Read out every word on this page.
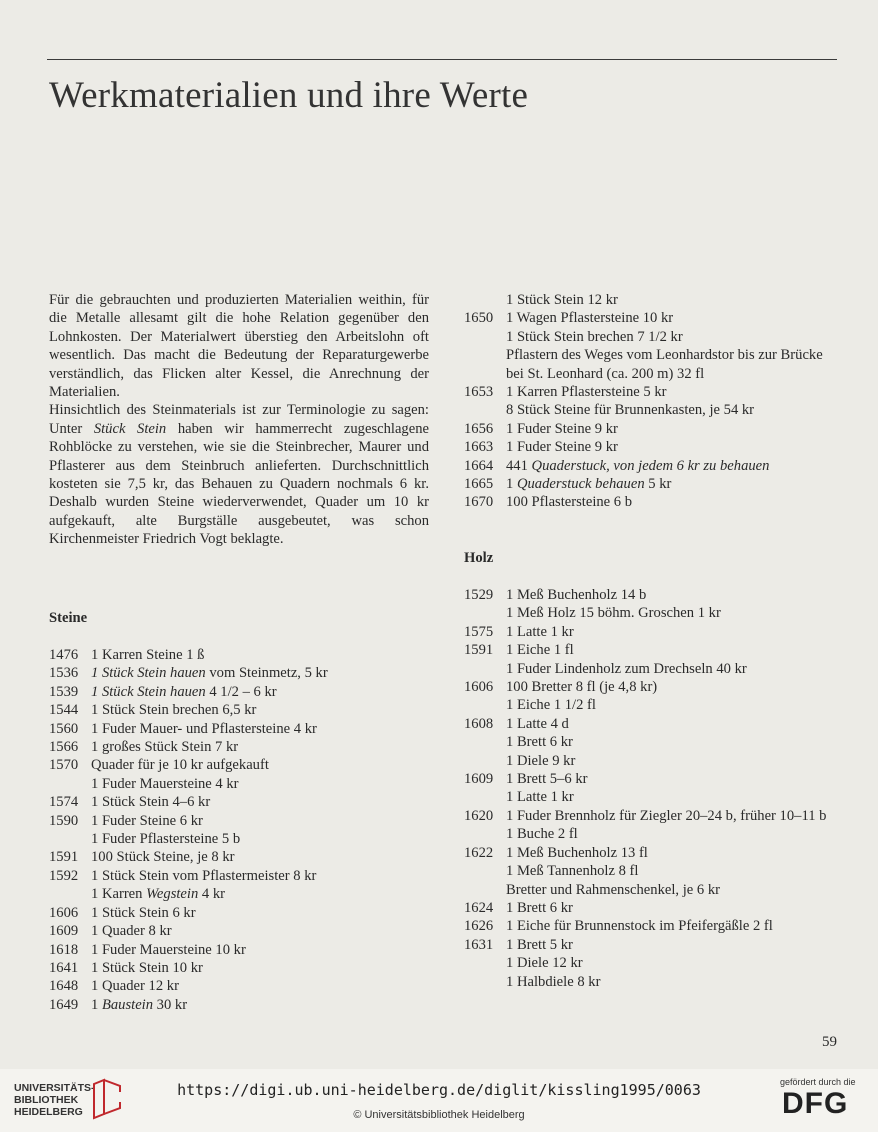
Werkmaterialien und ihre Werte

Für die gebrauchten und produzierten Materialien weithin, für die Metalle allesamt gilt die hohe Relation gegenüber den Lohnkosten. Der Materialwert überstieg den Arbeitslohn oft wesentlich. Das macht die Bedeutung der Reparaturgewerbe verständlich, das Flicken alter Kessel, die Anrechnung der Materialien.

Hinsichtlich des Steinmaterials ist zur Terminologie zu sagen: Unter Stück Stein haben wir hammerrecht zugeschlagene Rohblöcke zu verstehen, wie sie die Steinbrecher, Maurer und Pflasterer aus dem Steinbruch anlieferten. Durchschnittlich kosteten sie 7,5 kr, das Behauen zu Quadern nochmals 6 kr. Deshalb wurden Steine wiederverwendet, Quader um 10 kr aufgekauft, alte Burgställe ausgebeutet, was schon Kirchenmeister Friedrich Vogt beklagte.

Steine
1476 1 Karren Steine 1 ß
1536 1 Stück Stein hauen vom Steinmetz, 5 kr
1539 1 Stück Stein hauen 4 1/2 – 6 kr
1544 1 Stück Stein brechen 6,5 kr
1560 1 Fuder Mauer- und Pflastersteine 4 kr
1566 1 großes Stück Stein 7 kr
1570 Quader für je 10 kr aufgekauft
1 Fuder Mauersteine 4 kr
1574 1 Stück Stein 4–6 kr
1590 1 Fuder Steine 6 kr
1 Fuder Pflastersteine 5 b
1591 100 Stück Steine, je 8 kr
1592 1 Stück Stein vom Pflastermeister 8 kr
1 Karren Wegstein 4 kr
1606 1 Stück Stein 6 kr
1609 1 Quader 8 kr
1618 1 Fuder Mauersteine 10 kr
1641 1 Stück Stein 10 kr
1648 1 Quader 12 kr
1649 1 Baustein 30 kr
1 Stück Stein 12 kr
1650 1 Wagen Pflastersteine 10 kr
1 Stück Stein brechen 7 1/2 kr
Pflastern des Weges vom Leonhardstor bis zur Brücke bei St. Leonhard (ca. 200 m) 32 fl
1653 1 Karren Pflastersteine 5 kr
8 Stück Steine für Brunnenkasten, je 54 kr
1656 1 Fuder Steine 9 kr
1663 1 Fuder Steine 9 kr
1664 441 Quaderstuck, von jedem 6 kr zu behauen
1665 1 Quaderstuck behauen 5 kr
1670 100 Pflastersteine 6 b
Holz
1529 1 Meß Buchenholz 14 b
1 Meß Holz 15 böhm. Groschen 1 kr
1575 1 Latte 1 kr
1591 1 Eiche 1 fl
1 Fuder Lindenholz zum Drechseln 40 kr
1606 100 Bretter 8 fl (je 4,8 kr)
1 Eiche 1 1/2 fl
1608 1 Latte 4 d
1 Brett 6 kr
1 Diele 9 kr
1609 1 Brett 5–6 kr
1 Latte 1 kr
1620 1 Fuder Brennholz für Ziegler 20–24 b, früher 10–11 b
1 Buche 2 fl
1622 1 Meß Buchenholz 13 fl
1 Meß Tannenholz 8 fl
Bretter und Rahmenschenkel, je 6 kr
1624 1 Brett 6 kr
1626 1 Eiche für Brunnenstock im Pfeifergäßle 2 fl
1631 1 Brett 5 kr
1 Diele 12 kr
1 Halbdiele 8 kr
59
UNIVERSITÄTS-
BIBLIOTHEK
HEIDELBERG
https://digi.ub.uni-heidelberg.de/diglit/kissling1995/0063
© Universitätsbibliothek Heidelberg
gefördert durch die
DFG
